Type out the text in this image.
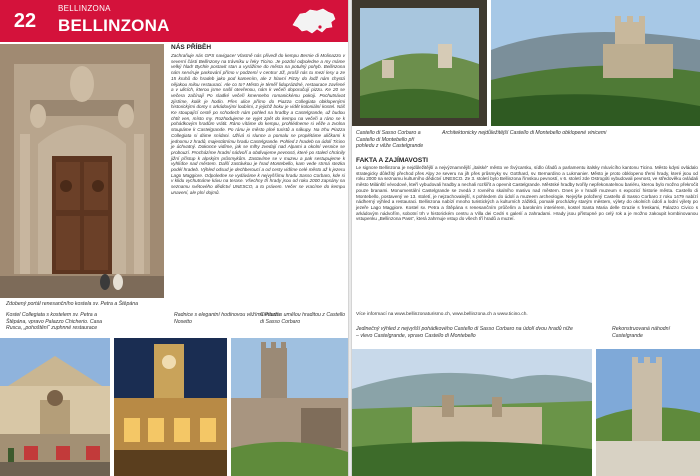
22
BELLINZONA
BELLINZONA
Zdobený portál renesančního kostela sv. Petra a Štěpána
NÁS PŘÍBĚH
Zachraňuje nás GPS navigace! Vlastně nás přivedl do kempu Bernie di Molinazzo v severní části Bellinzony na trávníku u řeky Ticino. Je pozdní odpoledne a my máme velký hlad! Bychle postavit stan a vyrážíme do města na potulný pohyb. Bellinzona nám servíruje parkování přímo v podzemí v centru! Již, prošli nás tu mezi lesy a ze 15 kruhů do hradeb jako pod kamením, ale z hlavní Pizzy do lodž nám chystá nějakou milou restauraci. Ale co to? Město je téměř liduprázdné, restaurace zavřené a v ulicích, kterou jsme našli otevřenou, nám k večeři doporučují pizzu. Ke 20 se večera začínají Po sladké večeři kmenneho romanickému pokoji. Pochutnávat zjistíme, kolik je hodin. Přes ulice přímo do Piazza Collegiata obklopenými historickými domy s arkádovými loubími, z jejichž boku je vidět koloniální kostel. Náš Ke stoupající cestě po schodech nám pohled na hradby a Castelgrande, už budou chtít ven, místo my. Rozhodujeme se vyjet zpět do kempu na večeři a ráno se k pohádkovým hradům vrátit. Ráno vítáme do kempu, prohlédneme si věže a zvolna stoupáme k Castelgrande. Po ránu je město plné turistů a nákupy. Na trhu Piazza Collegiata si dáme snídani. Užívá si slunce a pomalu se proplétáme uličkami k jednomu z hradů, majestátnímu hradu Castelgrande. Pohled z hradeb na údolí Ticino je úchvatný. Dokonce vidíme, jak se mlhy zvedají nad Alpami a okolní vesnice se probouzí. Procházíme hradní nádvoří a obdivujeme pevnosti, které po staletí chránily jižní přístup k alpským průsmykům. Zastavíme se v muzeu a pak sestupujeme k vyhlídce nad městem. Další zastávkou je hrad Montebello, kam vede strmá stezka podél hradeb. Výhled odsud je dechberoucí a od cesty vidíme celé město až k jezeru Lago Maggiore. Odpoledne se vydáváme k nejvyššímu hradu Sasso Corbaro, kde si v klidu vychutnáme kávu na terase. Všechny tři hrady jsou od roku 2000 zapsány na seznamu světového dědictví UNESCO, a to právem. Večer se vracíme do kempu unavení, ale plní dojmů.
Kostel Collegiata s kostelem sv. Petra a Štěpána, vpravo Palazzo Chicherio. Casa Rusca, „pohoštění“ zuphnné restaurace
Radnice s elegantní hodinovou věžíma Piazza Nosetto
Cimbuří s umělou hraditou z Castello di Sasso Corbaro
Castello di Sasso Corbaro a Castello di Montebello při pohledu z věže Castelgrande
Architektonicky nejdůležitější Castello di Montebello obklopené vinicemi
FAKTA A ZAJÍMAVOSTI
Le signore Bellinzona je nejdůležitější a nejvýznamnější „italské“ město ve Švýcarsku, sídlo úřadů a parlamentu italsky mluvícího kantonu Ticino. Město kdysi ovládalo strategicky důležitý přechod přes Alpy ze severu na jih přes průsmyky sv. Gotthard, sv. Bernardino a Lukmanier. Město je proto obklopeno třemi hrady, které jsou od roku 2000 na seznamu kulturního dědictví UNESCO. Ze 3. století bylo Bellinzona římskou pevností, v 6. století zde Ostrogóti vybudovali pevnost, ve středověku ovládali město Milánští vévodové, kteří vybudovali hradby a nechali rozšířit a opevnit Castelgrande. Městské hradby tvořily nepřekonatelnou bariéru, kterou bylo možno překročit pouze branami. Monumentální Castelgrande se zvedá z rovného skalního masivu nad městem. Dnes je v hradě muzeum s expozicí historie města. Castello di Montebello, postavený ve 13. století, je nejzachovalejší, s pohledem do údolí a muzeem archeologie. Nejvýše položený Castello di Sasso Corbaro z roku 1479 nabízí nádherný výhled a restauraci. Bellinzona nabízí mnoho turistických a kulturních zážitků, pomalé procházky starým městem, výlety do okolních údolí a lodní výlety po jezeře Lago Maggiore. Kostel sv. Petra a Štěpána s renesančním průčelím a barokním interiérem, kostel Santa Maria delle Grazie s freskami, Palazzo Civico s arkádovým nádvořím, sobotní trh v historickém centru a Villa dei Cedri s galerií a zahradami. Hrady jsou přístupné po celý rok a je možno zakoupit kombinovanou vstupenku „Bellinzona Pass“, která zahrnuje vstup do všech tří hradů a muzeí.
Více informací na www.bellinzonaturismo.ch, www.bellinzona.ch a www.ticino.ch.
Jedinečný výhled z nejvyšší pohádkového Castello di Sasso Corbaro na údolí dvou hradů níže – vlevo Castelgrande, vpravo Castello di Montebello
Rekonstruovaná náhodní Castelgrande
